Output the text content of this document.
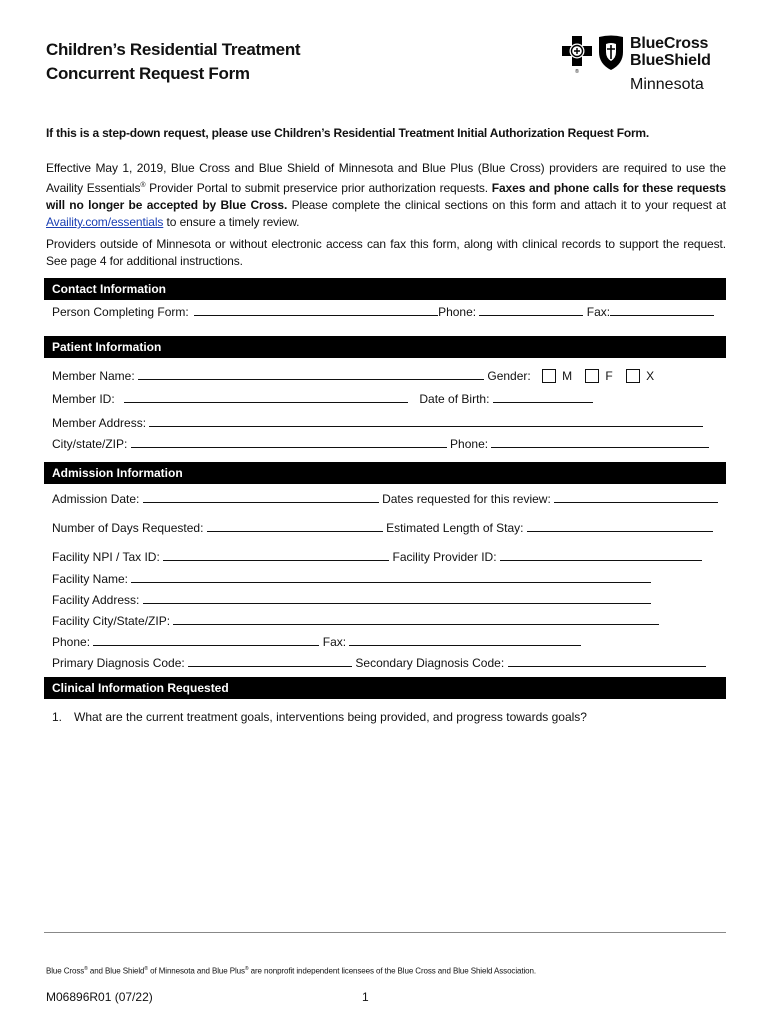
Children’s Residential Treatment
Concurrent Request Form	®
BlueCross
BlueShield
Minnesota
If this is a step-down request, please use Children’s Residential Treatment Initial Authorization Request Form.
Effective May 1, 2019, Blue Cross and Blue Shield of Minnesota and Blue Plus (Blue Cross) providers are required to use the Availity Essentials® Provider Portal to submit preservice prior authorization requests. Faxes and phone calls for these requests will no longer be accepted by Blue Cross. Please complete the clinical sections on this form and attach it to your request at Availity.com/essentials to ensure a timely review.
Providers outside of Minnesota or without electronic access can fax this form, along with clinical records to support the request. See page 4 for additional instructions.
Contact Information
Person Completing Form:	Phone:	Fax:
Patient Information
Member Name:	Gender:	M	F	X
Member ID:	Date of Birth:
Member Address:
City/state/ZIP:	Phone:
Admission Information
Admission Date:	Dates requested for this review:
Number of Days Requested:	Estimated Length of Stay:
Facility NPI / Tax ID:	Facility Provider ID:
Facility Name:
Facility Address:
Facility City/State/ZIP:
Phone:	Fax:
Primary Diagnosis Code:	Secondary Diagnosis Code:
Clinical Information Requested
1. What are the current treatment goals, interventions being provided, and progress towards goals?
Blue Cross® and Blue Shield® of Minnesota and Blue Plus® are nonprofit independent licensees of the Blue Cross and Blue Shield Association.
M06896R01 (07/22)	1
